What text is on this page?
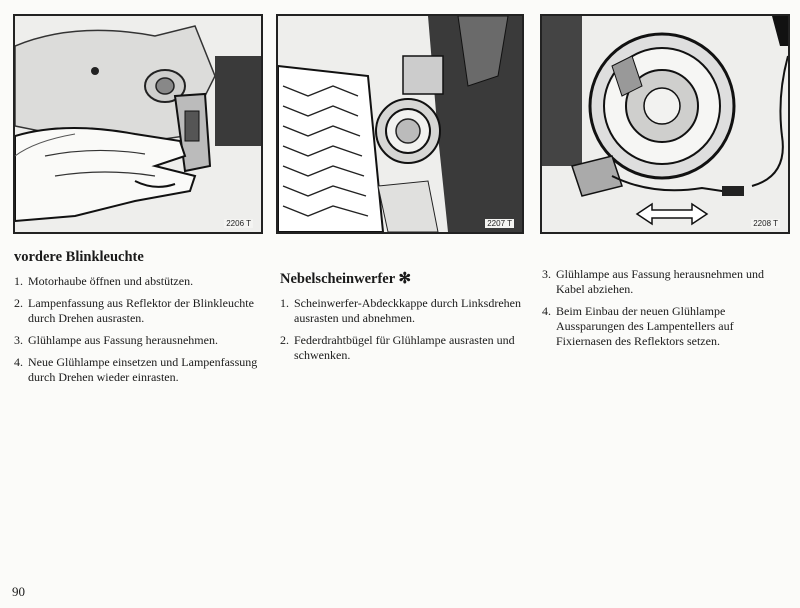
2206 T	2207 T	2208 T
vordere Blinkleuchte
1. Motorhaube öffnen und abstützen.
2. Lampenfassung aus Reflektor der Blinkleuchte durch Drehen ausrasten.
3. Glühlampe aus Fassung herausnehmen.
4. Neue Glühlampe einsetzen und Lampenfassung durch Drehen wieder einrasten.
Nebelscheinwerfer ✻
1. Scheinwerfer-Abdeckkappe durch Linksdrehen ausrasten und abnehmen.
2. Federdrahtbügel für Glühlampe ausrasten und schwenken.
3. Glühlampe aus Fassung herausnehmen und Kabel abziehen.
4. Beim Einbau der neuen Glühlampe Aussparungen des Lampentellers auf Fixiernasen des Reflektors setzen.
90
